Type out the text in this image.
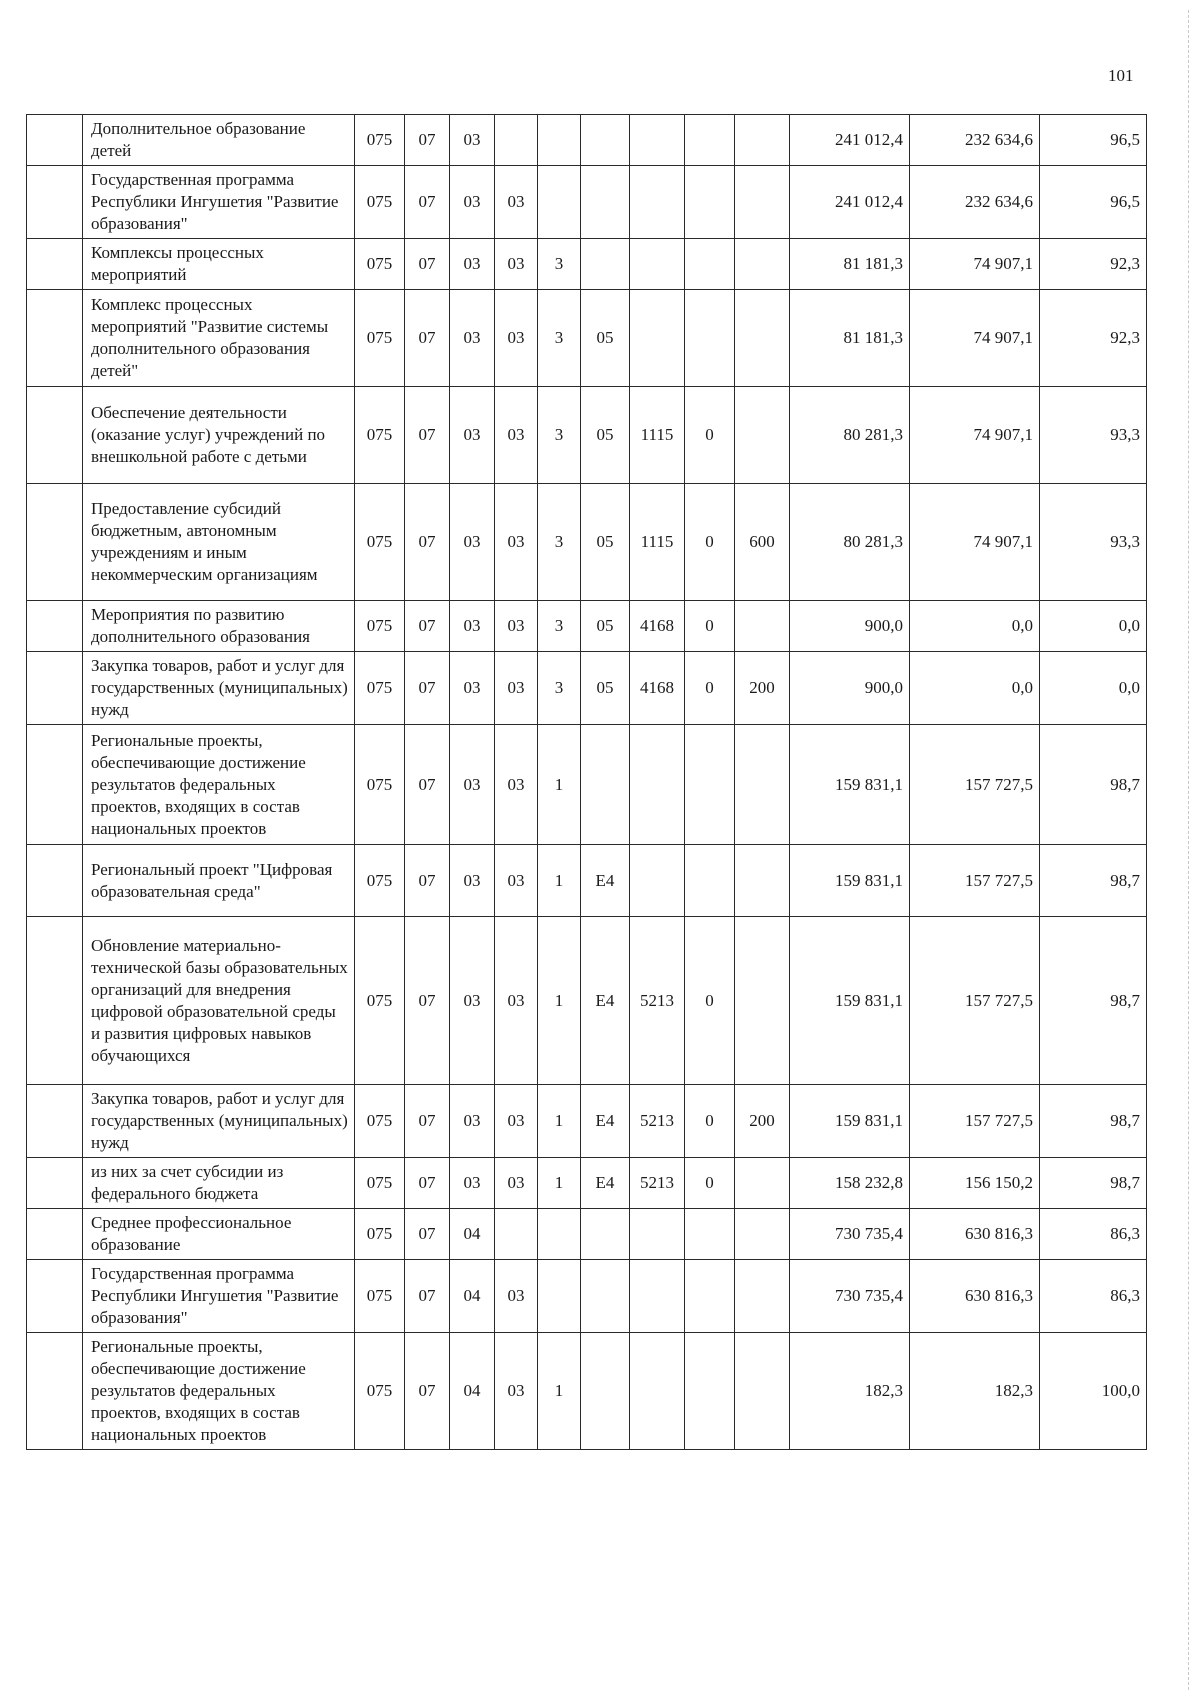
101
	Дополнительное образование детей	075	07	03							241 012,4	232 634,6	96,5
	Государственная программа Республики Ингушетия "Развитие образования"	075	07	03	03						241 012,4	232 634,6	96,5
	Комплексы процессных мероприятий	075	07	03	03	3					81 181,3	74 907,1	92,3
	Комплекс процессных мероприятий "Развитие системы дополнительного образования детей"	075	07	03	03	3	05				81 181,3	74 907,1	92,3
	Обеспечение деятельности (оказание услуг) учреждений по внешкольной работе с детьми	075	07	03	03	3	05	1115	0		80 281,3	74 907,1	93,3
	Предоставление субсидий бюджетным, автономным учреждениям и иным некоммерческим организациям	075	07	03	03	3	05	1115	0	600	80 281,3	74 907,1	93,3
	Мероприятия по развитию дополнительного образования	075	07	03	03	3	05	4168	0		900,0	0,0	0,0
	Закупка товаров, работ и услуг для государственных (муниципальных) нужд	075	07	03	03	3	05	4168	0	200	900,0	0,0	0,0
	Региональные проекты, обеспечивающие достижение результатов федеральных проектов, входящих в состав национальных проектов	075	07	03	03	1					159 831,1	157 727,5	98,7
	Региональный проект "Цифровая образовательная среда"	075	07	03	03	1	E4				159 831,1	157 727,5	98,7
	Обновление материально-технической базы образовательных организаций для внедрения цифровой образовательной среды и развития цифровых навыков обучающихся	075	07	03	03	1	E4	5213	0		159 831,1	157 727,5	98,7
	Закупка товаров, работ и услуг для государственных (муниципальных) нужд	075	07	03	03	1	E4	5213	0	200	159 831,1	157 727,5	98,7
	из них за счет субсидии из федерального бюджета	075	07	03	03	1	E4	5213	0		158 232,8	156 150,2	98,7
	Среднее профессиональное образование	075	07	04							730 735,4	630 816,3	86,3
	Государственная программа Республики Ингушетия "Развитие образования"	075	07	04	03						730 735,4	630 816,3	86,3
	Региональные проекты, обеспечивающие достижение результатов федеральных проектов, входящих в состав национальных проектов	075	07	04	03	1					182,3	182,3	100,0
